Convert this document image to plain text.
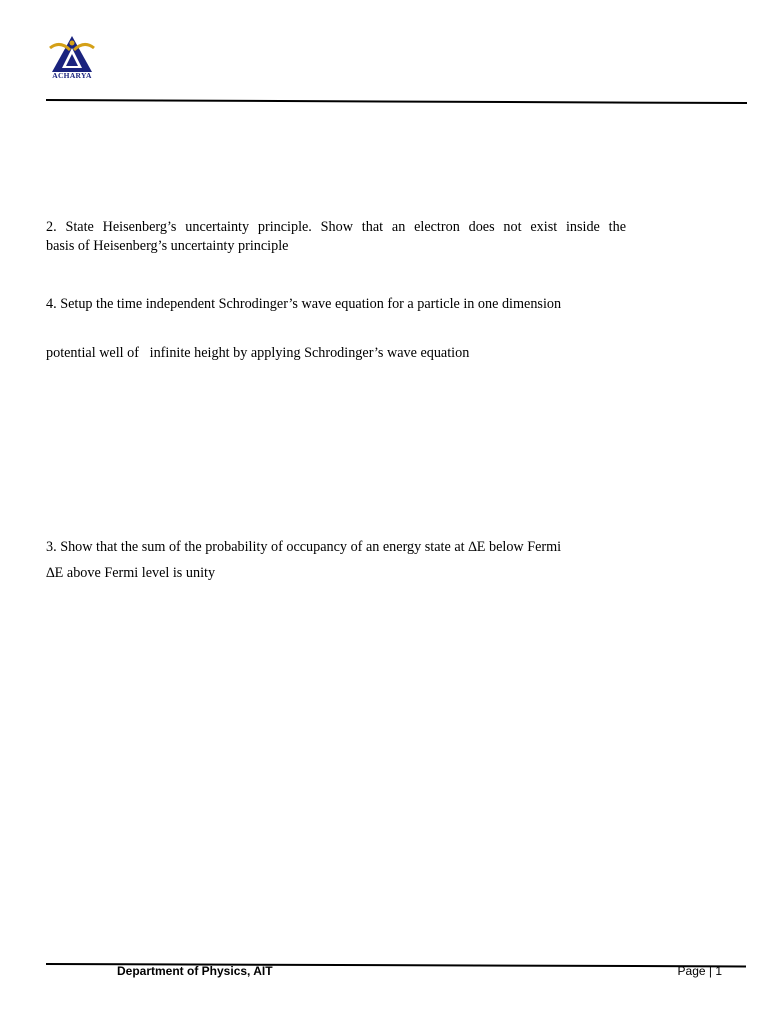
ACHARYA
2. State Heisenberg’s uncertainty principle. Show that an electron does not exist inside the
basis of Heisenberg’s uncertainty principle
4. Setup the time independent Schrodinger’s wave equation for a particle in one dimension
potential well of   infinite height by applying Schrodinger’s wave equation
3. Show that the sum of the probability of occupancy of an energy state at ∆E below Fermi
∆E above Fermi level is unity
Department of Physics, AIT	Page | 1
